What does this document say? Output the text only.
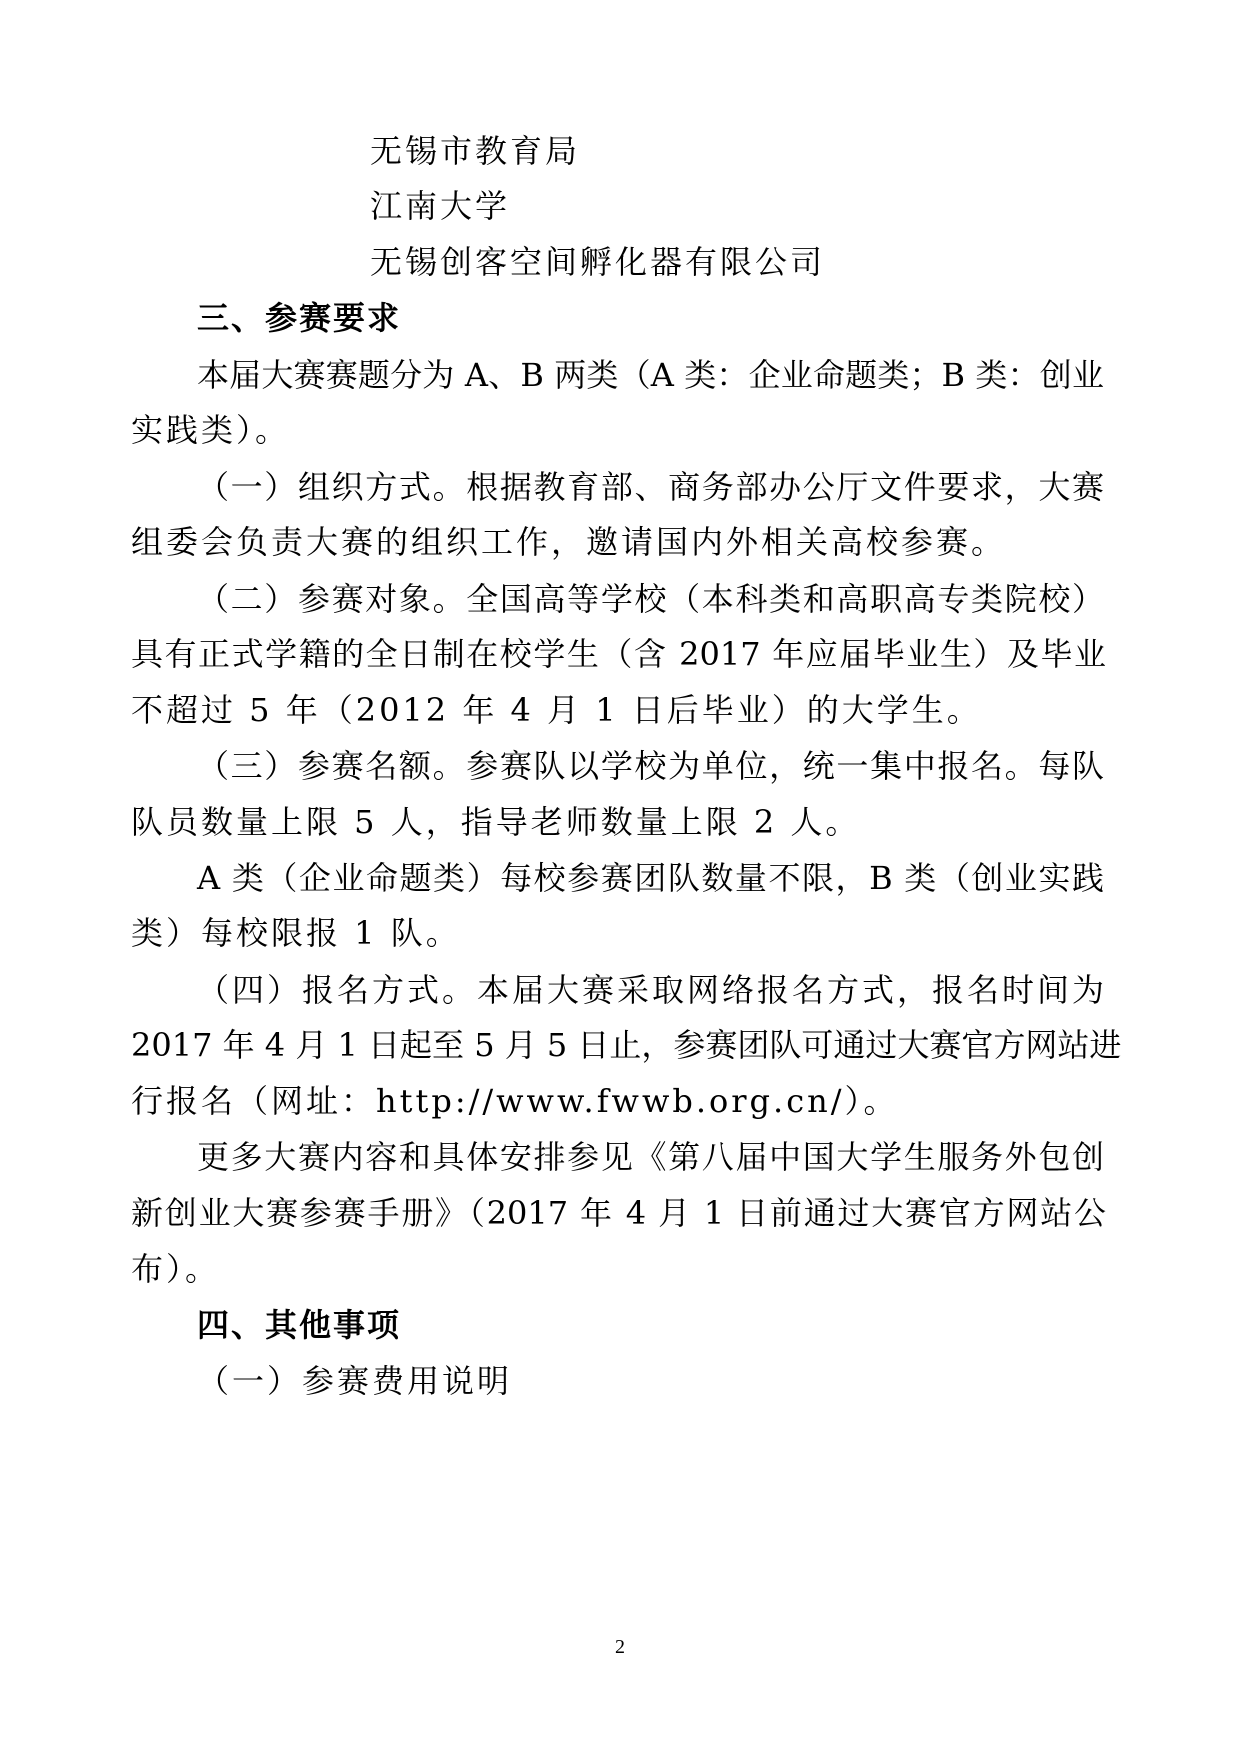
无锡市教育局
江南大学
无锡创客空间孵化器有限公司
三、参赛要求
本届大赛赛题分为 A、B 两类（A 类：企业命题类；B 类：创业
实践类）。
（一）组织方式。根据教育部、商务部办公厅文件要求，大赛
组委会负责大赛的组织工作，邀请国内外相关高校参赛。
（二）参赛对象。全国高等学校（本科类和高职高专类院校）
具有正式学籍的全日制在校学生（含 2017 年应届毕业生）及毕业
不超过 5 年（2012 年 4 月 1 日后毕业）的大学生。
（三）参赛名额。参赛队以学校为单位，统一集中报名。每队
队员数量上限 5 人，指导老师数量上限 2 人。
A 类（企业命题类）每校参赛团队数量不限，B 类（创业实践
类）每校限报 1 队。
（四）报名方式。本届大赛采取网络报名方式，报名时间为
2017 年 4 月 1 日起至 5 月 5 日止，参赛团队可通过大赛官方网站进
行报名（网址：http://www.fwwb.org.cn/）。
更多大赛内容和具体安排参见《第八届中国大学生服务外包创
新创业大赛参赛手册》（2017 年 4 月 1 日前通过大赛官方网站公
布）。
四、其他事项
（一）参赛费用说明
2
